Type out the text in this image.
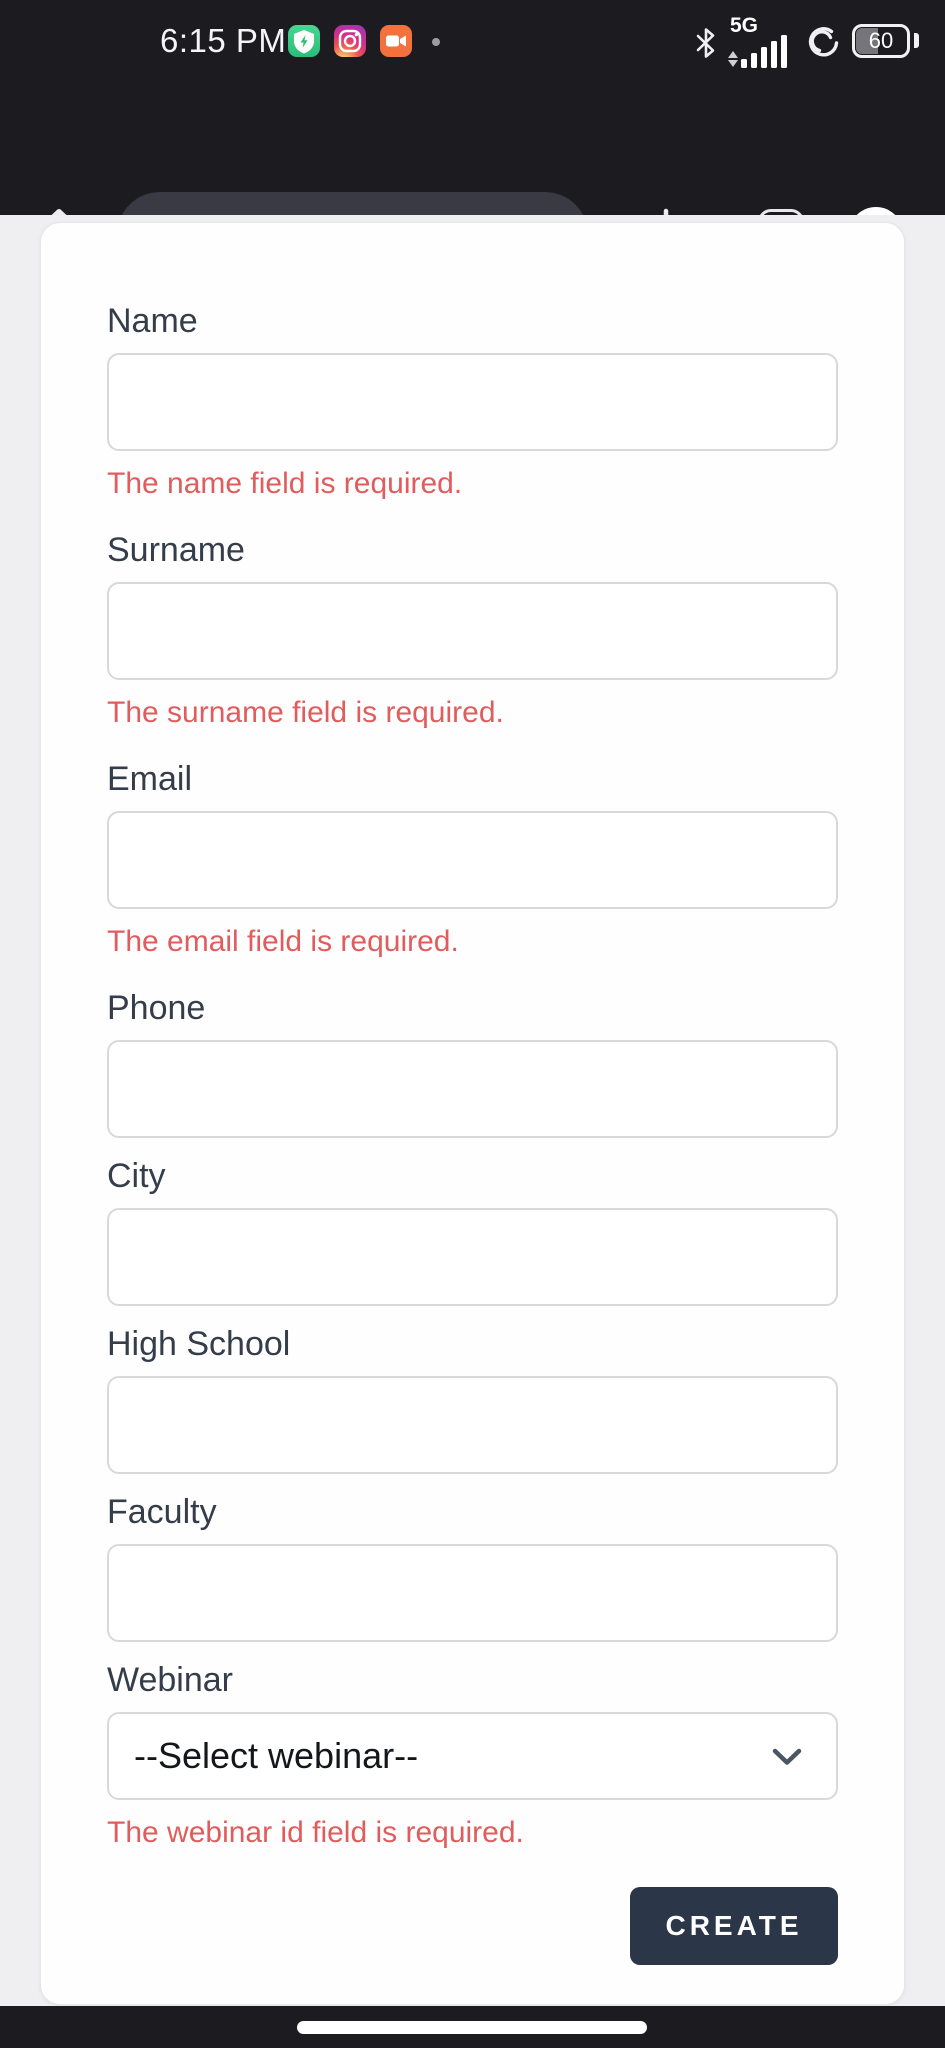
6:15 PM	5G
60
Name
The name field is required.
Surname
The surname field is required.
Email
The email field is required.
Phone
City
High School
Faculty
Webinar
--Select webinar--
The webinar id field is required.
CREATE
